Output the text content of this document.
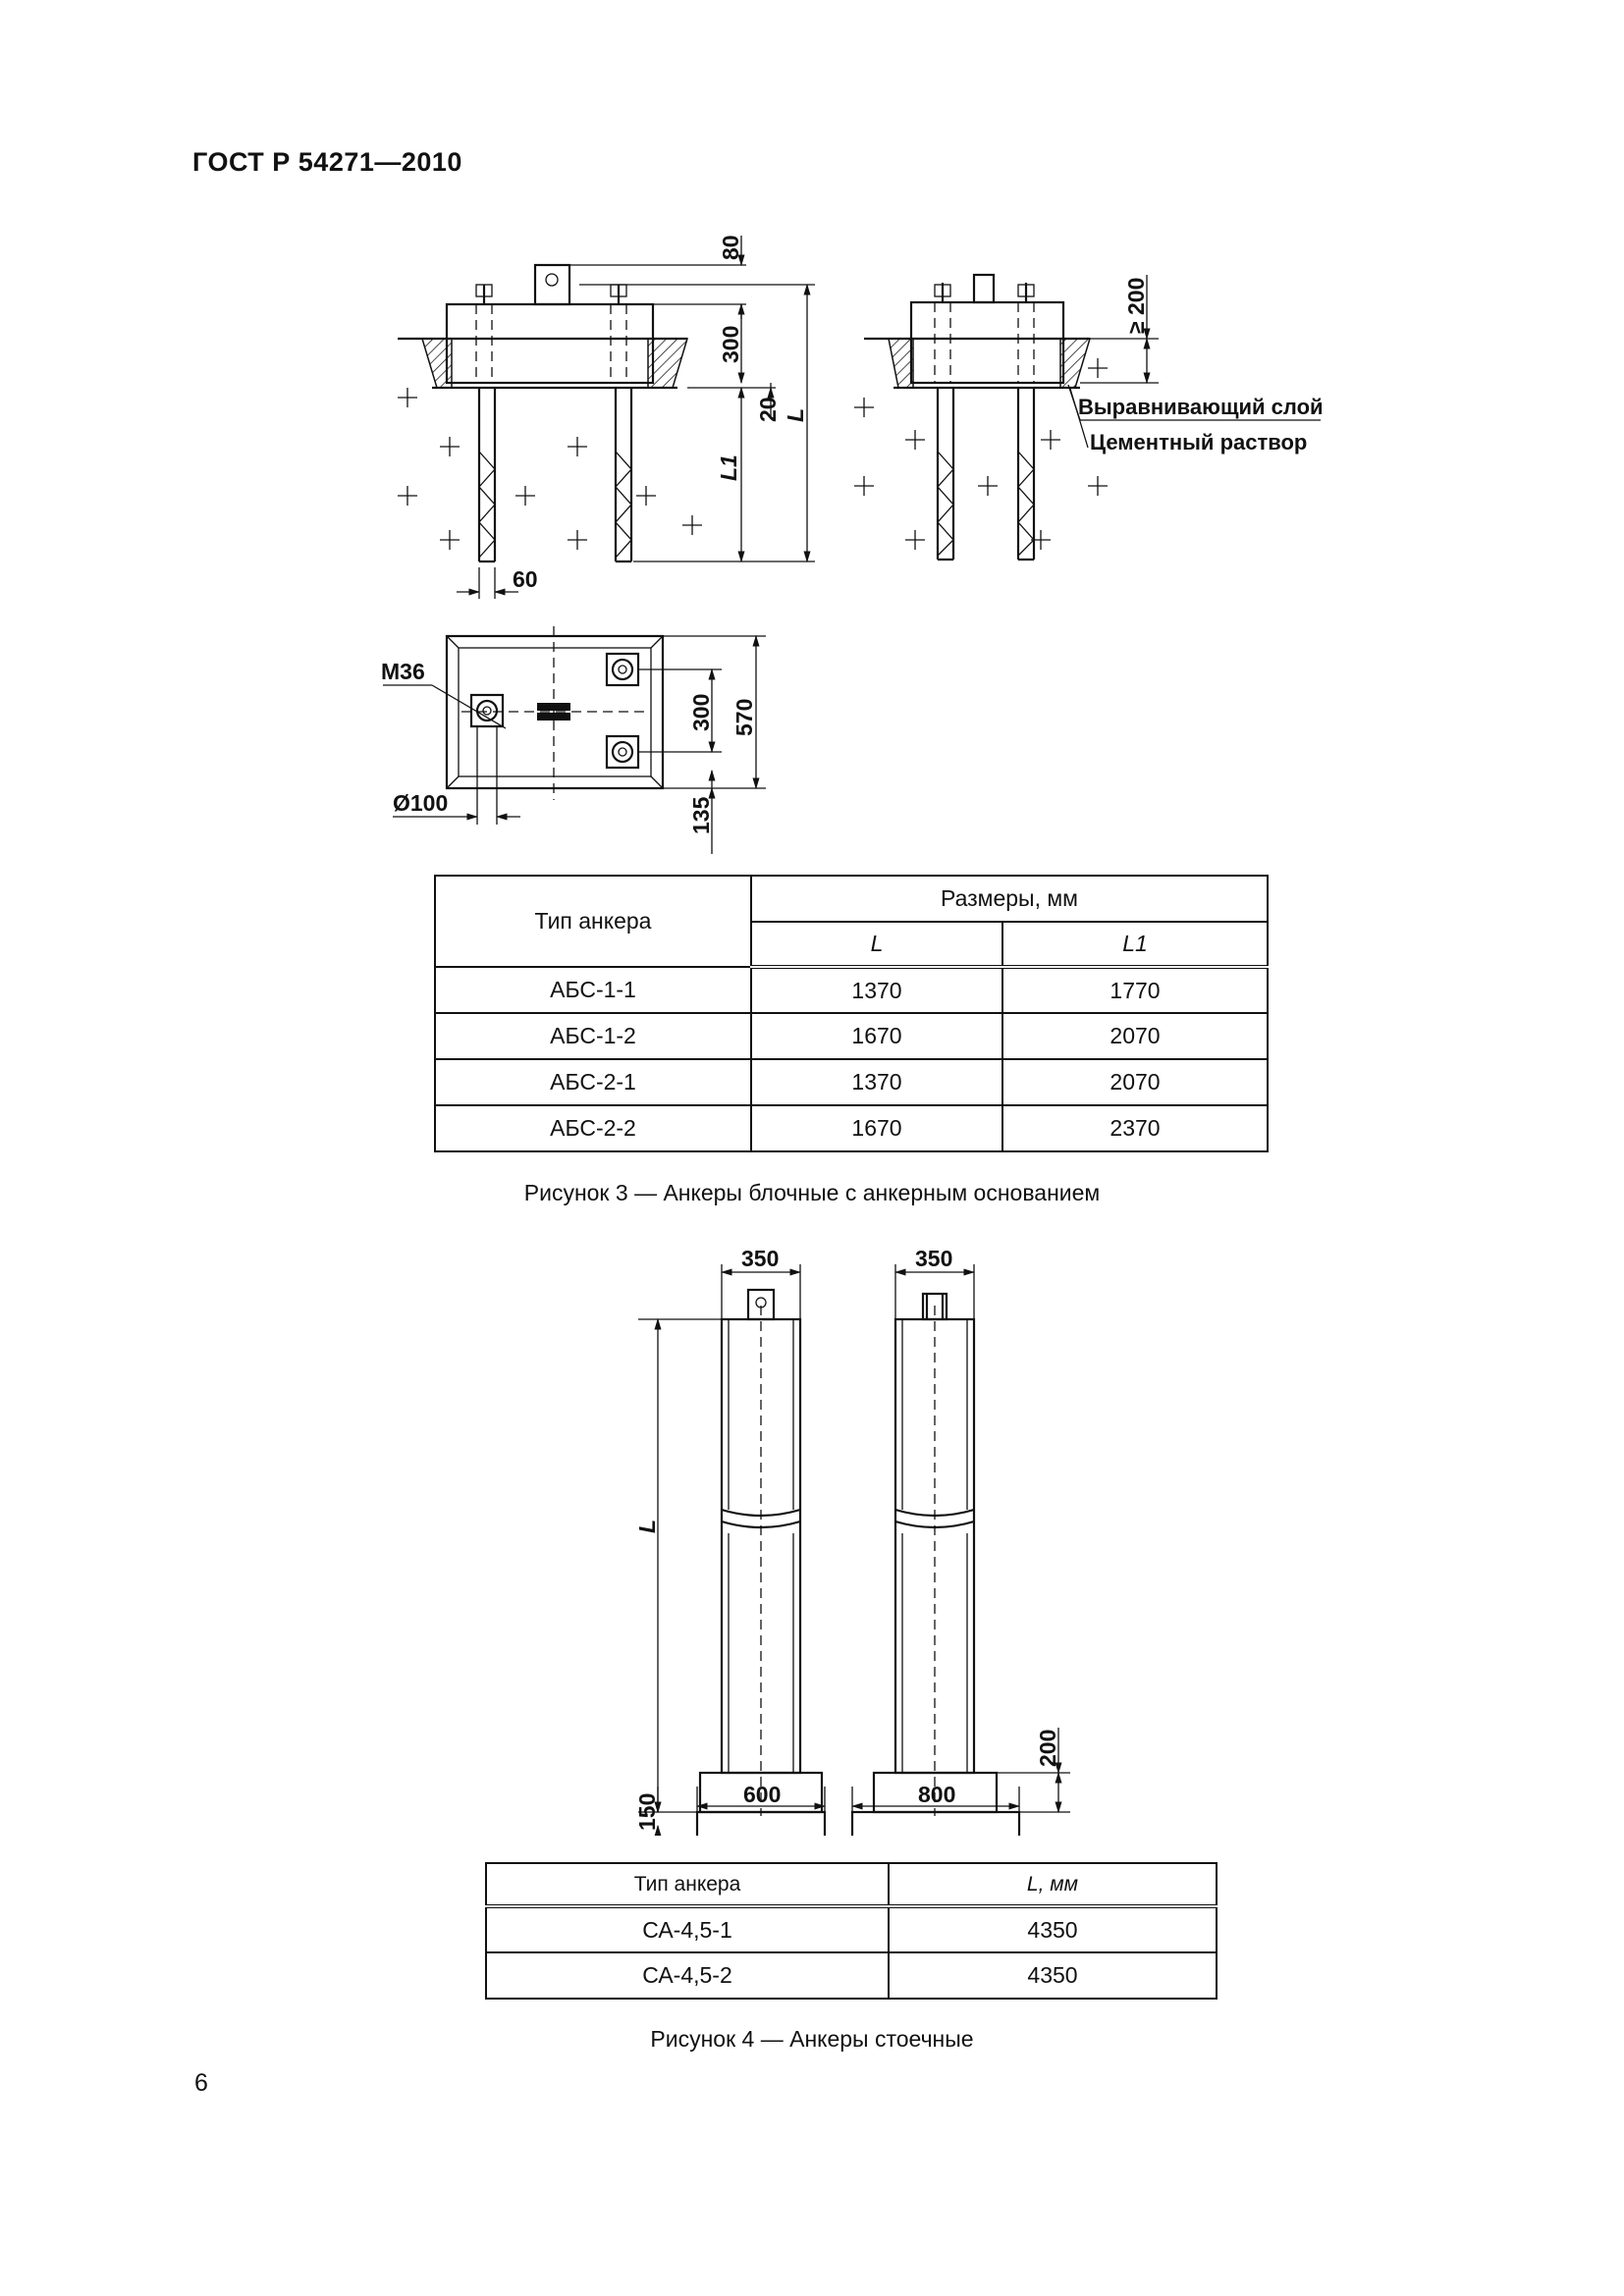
ГОСТ Р 54271—2010
80
300
20 L
L1
60
≥ 200
Выравнивающий слой
Цементный раствор
M36
300 570
Ø100	135
Тип анкера	Размеры, мм	
	L	L1
АБС-1-1	1370	1770
АБС-1-2	1670	2070
АБС-2-1	1370	2070
АБС-2-2	1670	2370
Рисунок 3 — Анкеры блочные с анкерным основанием
350	350
L
200
150	600	800
Тип анкера	L, мм
СА-4,5-1	4350
СА-4,5-2	4350
Рисунок 4 — Анкеры стоечные
6
